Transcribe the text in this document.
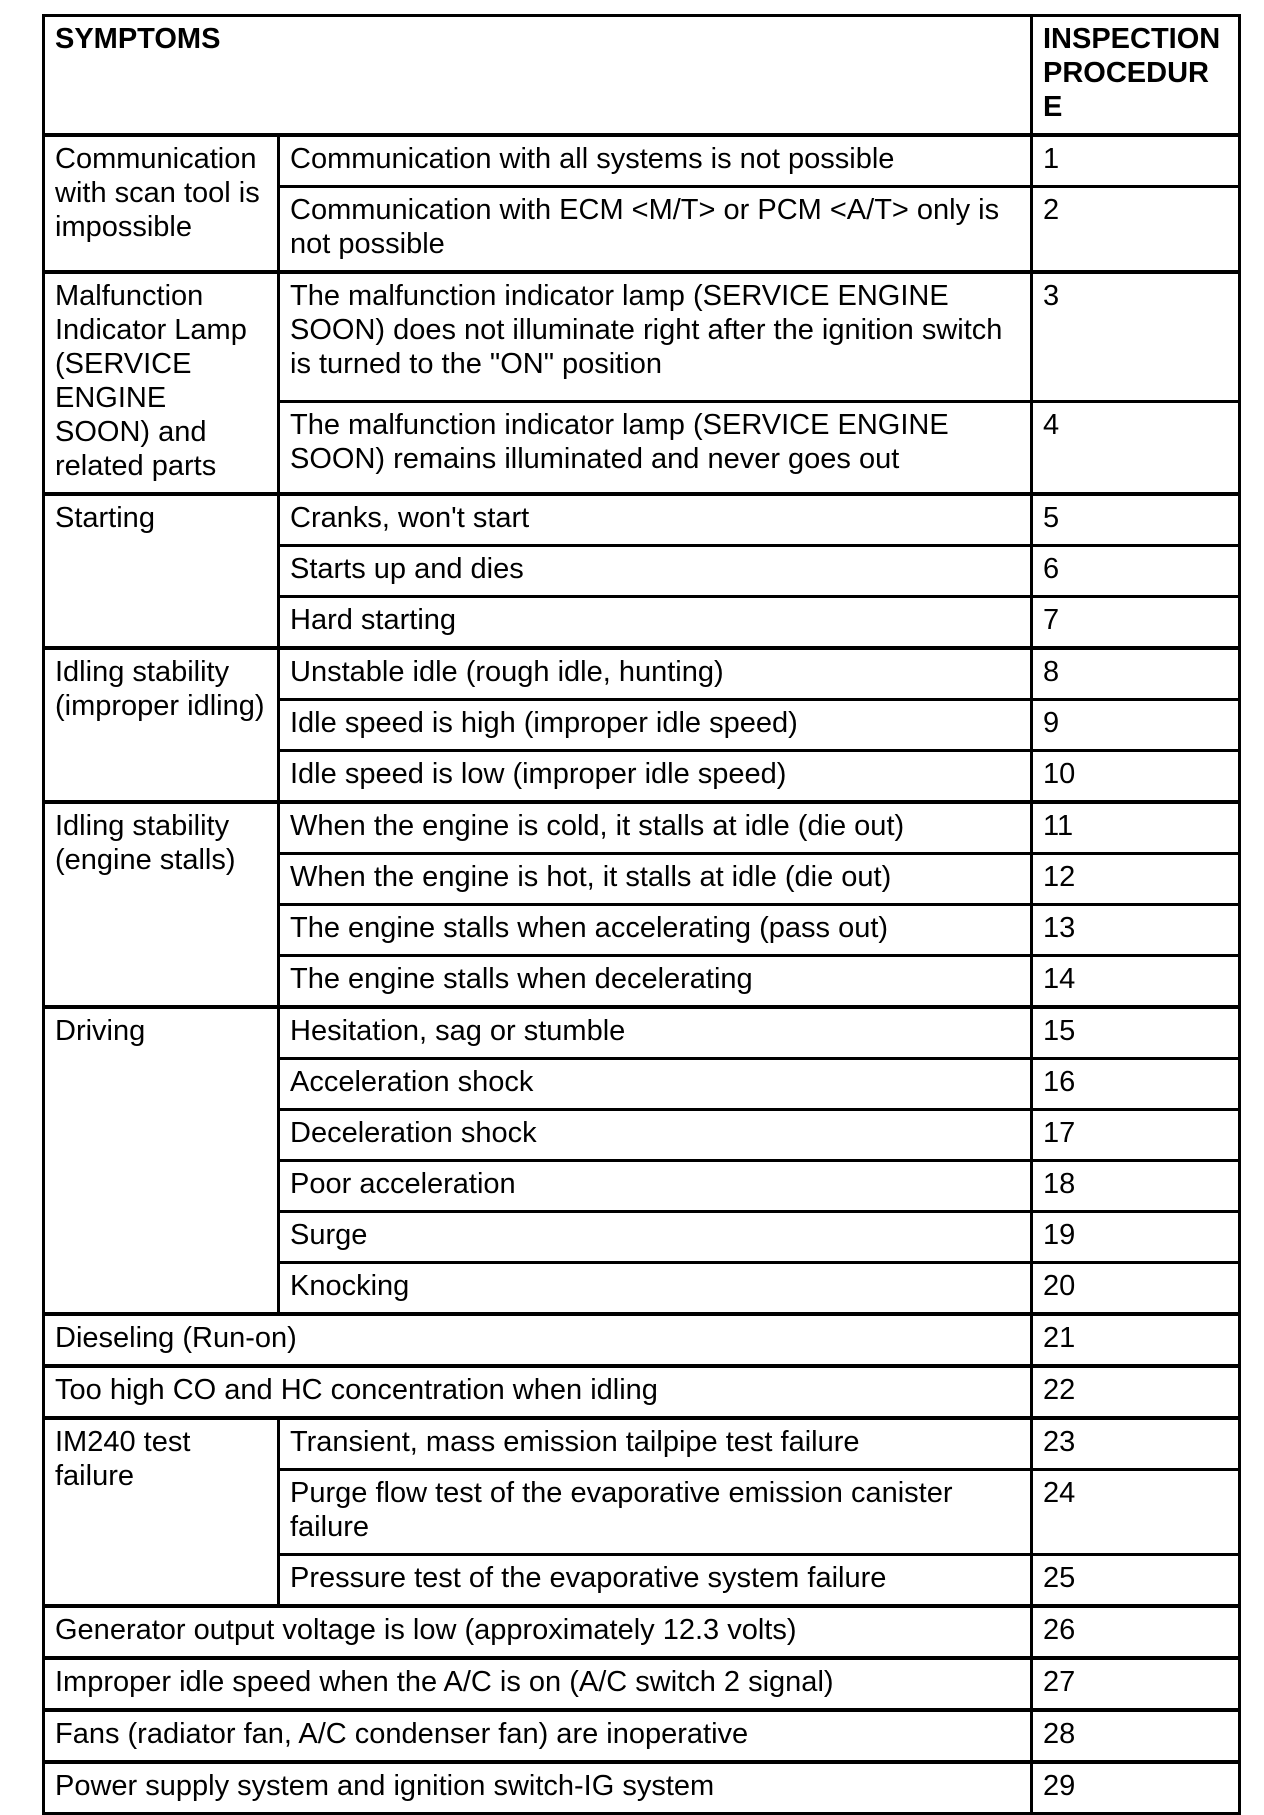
SYMPTOMS		INSPECTION PROCEDURE
Communication with scan tool is impossible	Communication with all systems is not possible	1
	Communication with ECM <M/T> or PCM <A/T> only is not possible	2
Malfunction Indicator Lamp (SERVICE ENGINE SOON) and related parts	The malfunction indicator lamp (SERVICE ENGINE SOON) does not illuminate right after the ignition switch is turned to the "ON" position	3
	The malfunction indicator lamp (SERVICE ENGINE SOON) remains illuminated and never goes out	4
Starting	Cranks, won't start	5
	Starts up and dies	6
	Hard starting	7
Idling stability (improper idling)	Unstable idle (rough idle, hunting)	8
	Idle speed is high (improper idle speed)	9
	Idle speed is low (improper idle speed)	10
Idling stability (engine stalls)	When the engine is cold, it stalls at idle (die out)	11
	When the engine is hot, it stalls at idle (die out)	12
	The engine stalls when accelerating (pass out)	13
	The engine stalls when decelerating	14
Driving	Hesitation, sag or stumble	15
	Acceleration shock	16
	Deceleration shock	17
	Poor acceleration	18
	Surge	19
	Knocking	20
Dieseling (Run-on)		21
Too high CO and HC concentration when idling		22
IM240 test failure	Transient, mass emission tailpipe test failure	23
	Purge flow test of the evaporative emission canister failure	24
	Pressure test of the evaporative system failure	25
Generator output voltage is low (approximately 12.3 volts)		26
Improper idle speed when the A/C is on (A/C switch 2 signal)		27
Fans (radiator fan, A/C condenser fan) are inoperative		28
Power supply system and ignition switch-IG system		29
